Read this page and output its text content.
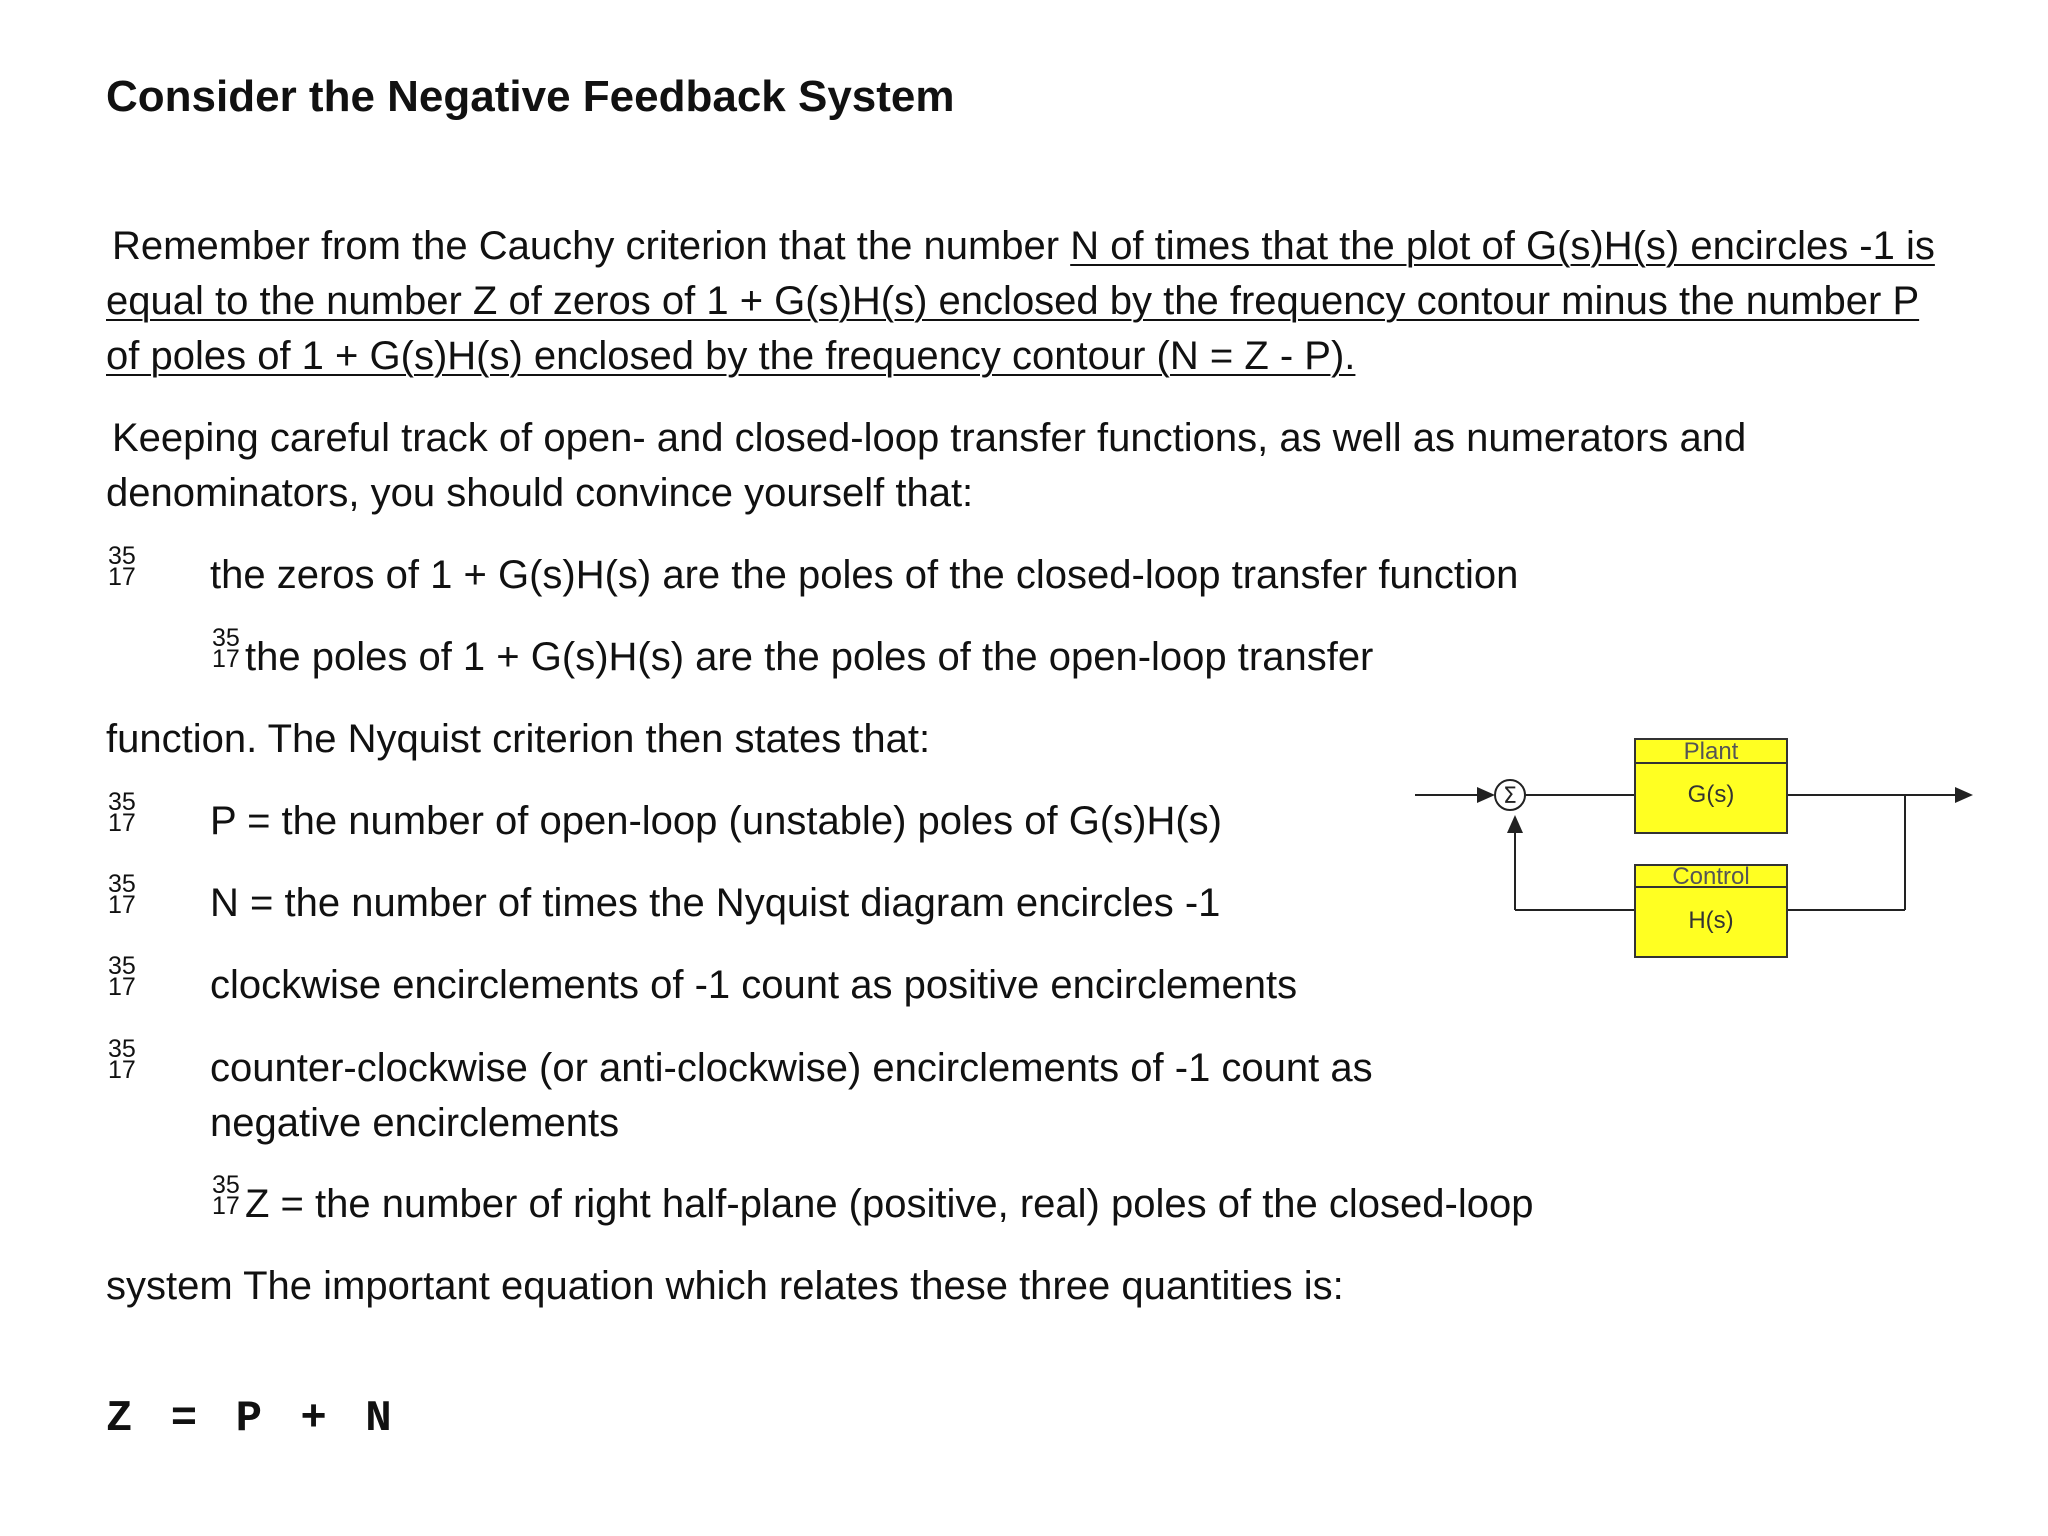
Consider the Negative Feedback System
Remember from the Cauchy criterion that the number N of times that the plot of G(s)H(s) encircles -1 is
equal to the number Z of zeros of 1 + G(s)H(s) enclosed by the frequency contour minus the number P
of poles of 1 + G(s)H(s) enclosed by the frequency contour (N = Z - P).
Keeping careful track of open- and closed-loop transfer functions, as well as numerators and
denominators, you should convince yourself that:
35
17 the zeros of 1 + G(s)H(s) are the poles of the closed-loop transfer function
35
17 the poles of 1 + G(s)H(s) are the poles of the open-loop transfer
function. The Nyquist criterion then states that:
35
17 P = the number of open-loop (unstable) poles of G(s)H(s)
35
17 N = the number of times the Nyquist diagram encircles -1
35
17 clockwise encirclements of -1 count as positive encirclements
35
17 counter-clockwise (or anti-clockwise) encirclements of -1 count as
negative encirclements
35
17 Z = the number of right half-plane (positive, real) poles of the closed-loop
system The important equation which relates these three quantities is:
Z = P + N
Σ
Plant
G(s)
Control
H(s)
